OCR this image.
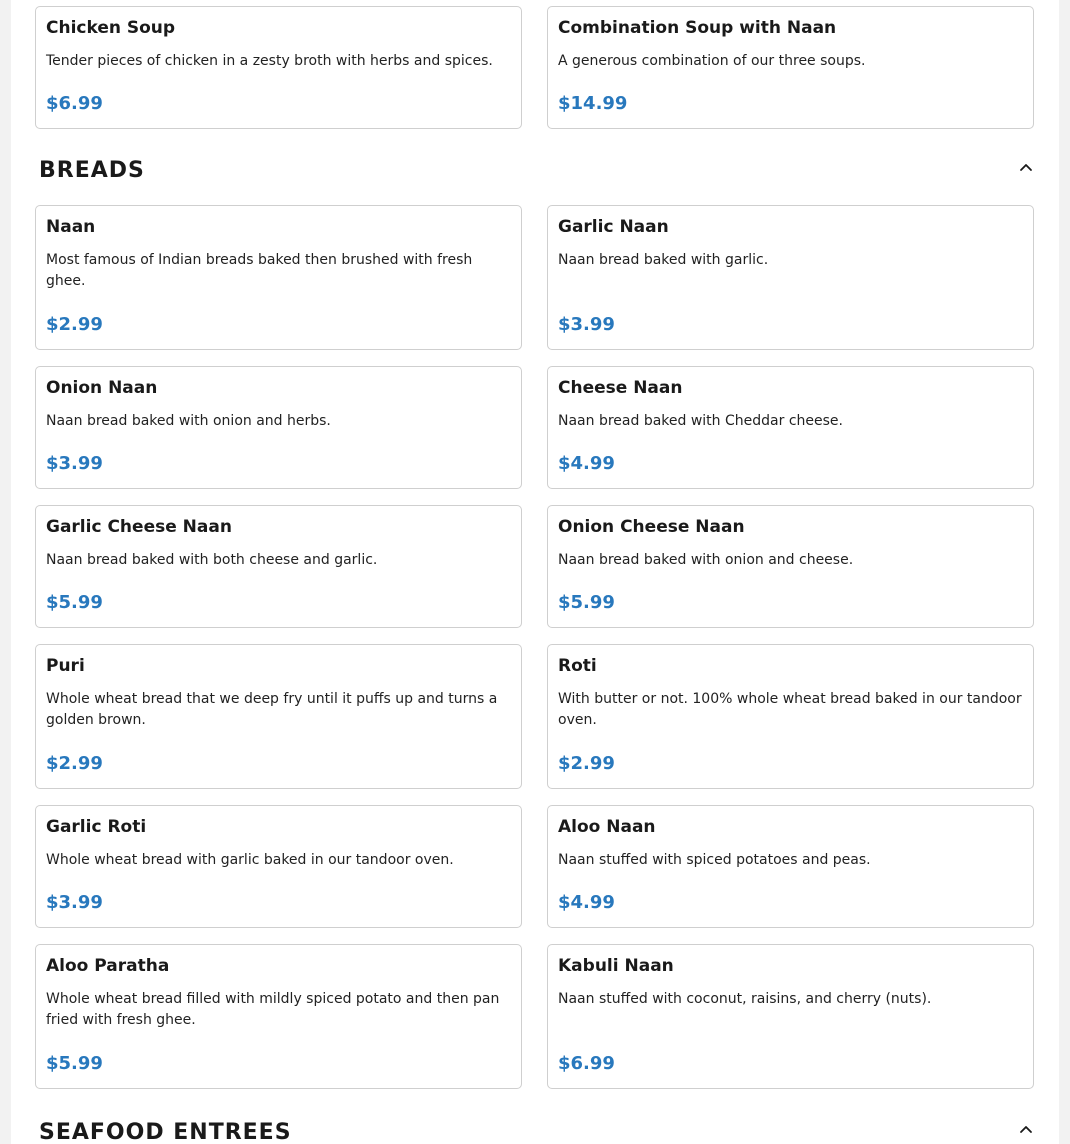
Chicken Soup
Tender pieces of chicken in a zesty broth with herbs and spices.
$6.99
Combination Soup with Naan
A generous combination of our three soups.
$14.99
BREADS
Naan
Most famous of Indian breads baked then brushed with fresh ghee.
$2.99
Garlic Naan
Naan bread baked with garlic.
$3.99
Onion Naan
Naan bread baked with onion and herbs.
$3.99
Cheese Naan
Naan bread baked with Cheddar cheese.
$4.99
Garlic Cheese Naan
Naan bread baked with both cheese and garlic.
$5.99
Onion Cheese Naan
Naan bread baked with onion and cheese.
$5.99
Puri
Whole wheat bread that we deep fry until it puffs up and turns a golden brown.
$2.99
Roti
With butter or not. 100% whole wheat bread baked in our tandoor oven.
$2.99
Garlic Roti
Whole wheat bread with garlic baked in our tandoor oven.
$3.99
Aloo Naan
Naan stuffed with spiced potatoes and peas.
$4.99
Aloo Paratha
Whole wheat bread filled with mildly spiced potato and then pan fried with fresh ghee.
$5.99
Kabuli Naan
Naan stuffed with coconut, raisins, and cherry (nuts).
$6.99
SEAFOOD ENTREES
